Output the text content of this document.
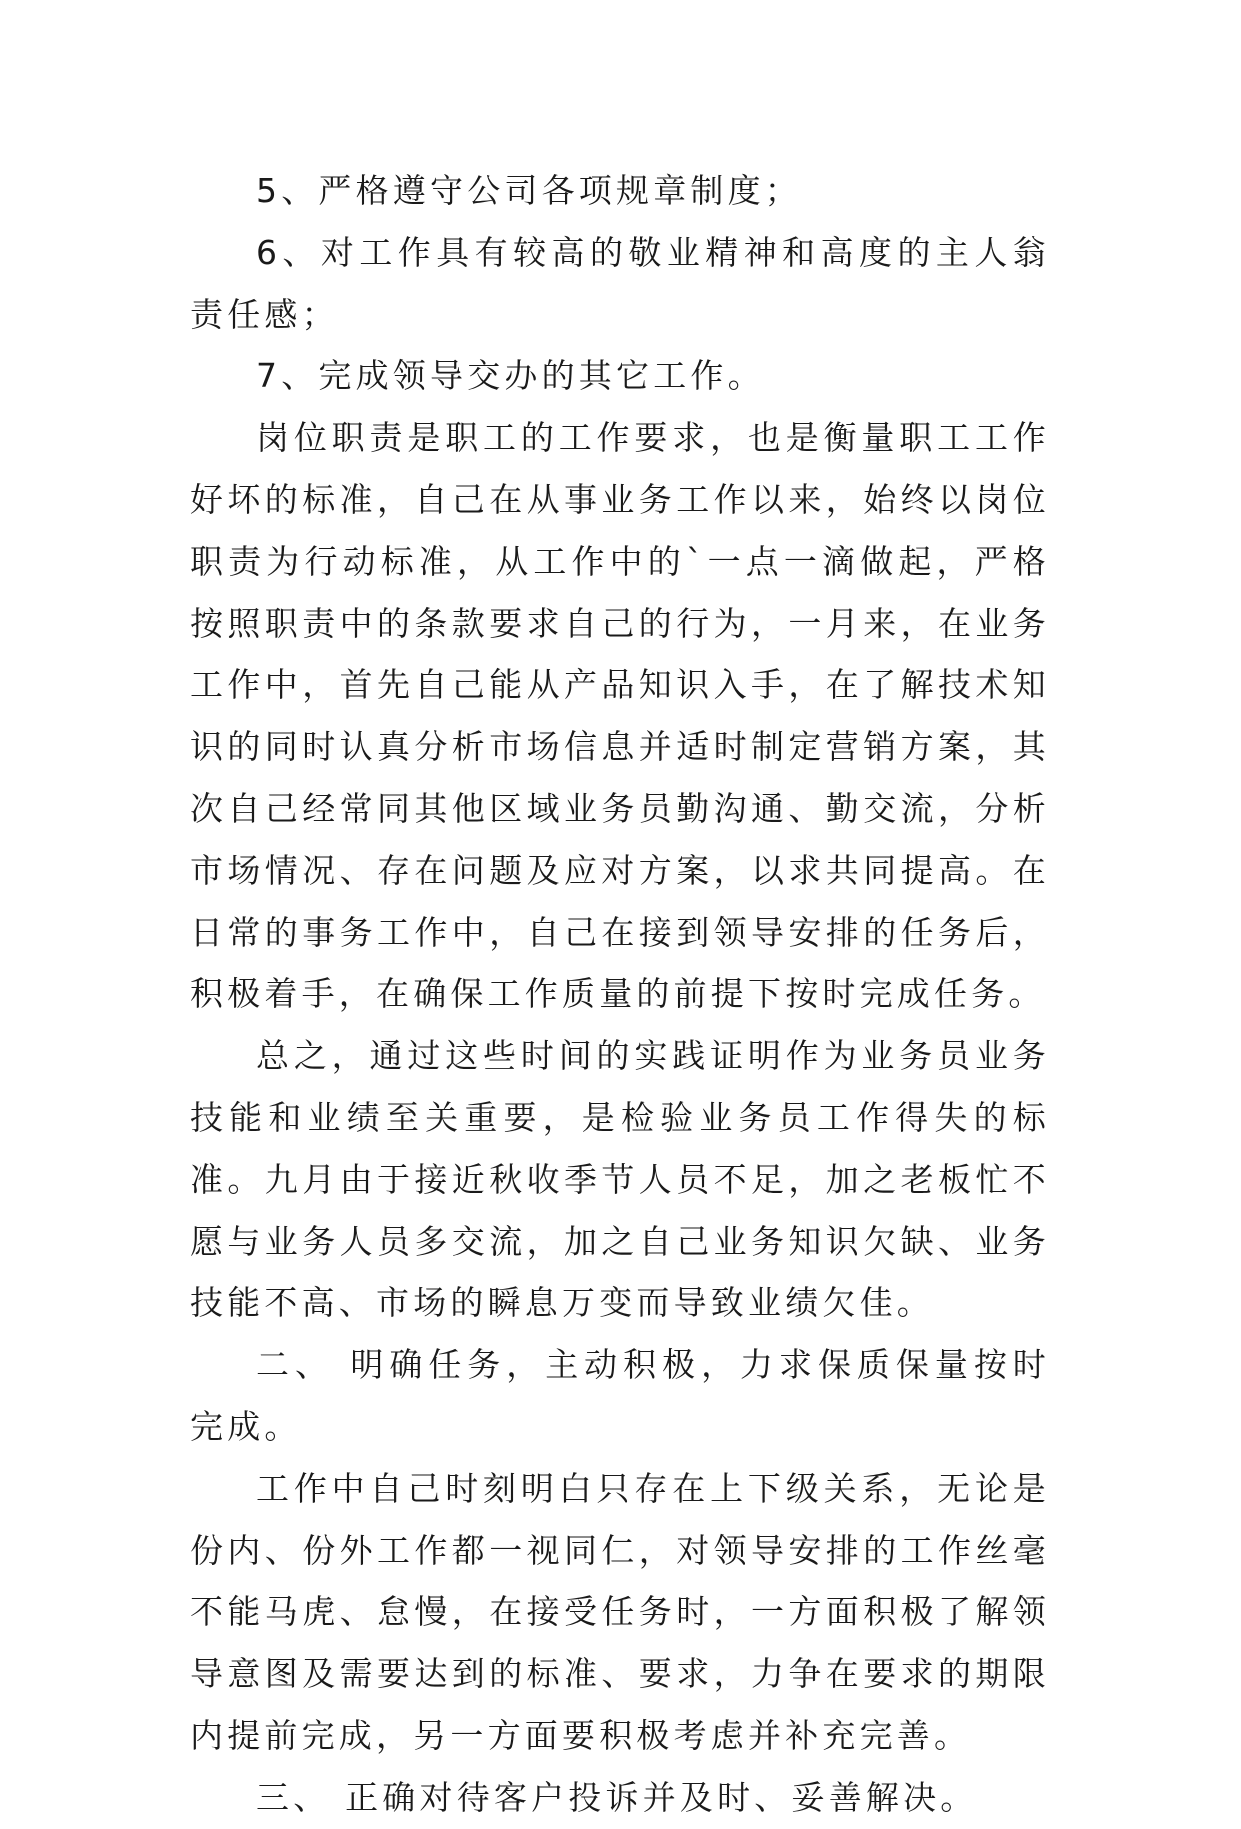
5、严格遵守公司各项规章制度；

6、对工作具有较高的敬业精神和高度的主人翁责任感；

7、完成领导交办的其它工作。

岗位职责是职工的工作要求，也是衡量职工工作好坏的标准，自己在从事业务工作以来，始终以岗位职责为行动标准，从工作中的`一点一滴做起，严格按照职责中的条款要求自己的行为，一月来，在业务工作中，首先自己能从产品知识入手，在了解技术知识的同时认真分析市场信息并适时制定营销方案，其次自己经常同其他区域业务员勤沟通、勤交流，分析市场情况、存在问题及应对方案，以求共同提高。在日常的事务工作中，自己在接到领导安排的任务后，积极着手，在确保工作质量的前提下按时完成任务。

总之，通过这些时间的实践证明作为业务员业务技能和业绩至关重要，是检验业务员工作得失的标准。九月由于接近秋收季节人员不足，加之老板忙不愿与业务人员多交流，加之自己业务知识欠缺、业务技能不高、市场的瞬息万变而导致业绩欠佳。

二、 明确任务，主动积极，力求保质保量按时完成。

工作中自己时刻明白只存在上下级关系，无论是份内、份外工作都一视同仁，对领导安排的工作丝毫不能马虎、怠慢，在接受任务时，一方面积极了解领导意图及需要达到的标准、要求，力争在要求的期限内提前完成，另一方面要积极考虑并补充完善。

三、 正确对待客户投诉并及时、妥善解决。
